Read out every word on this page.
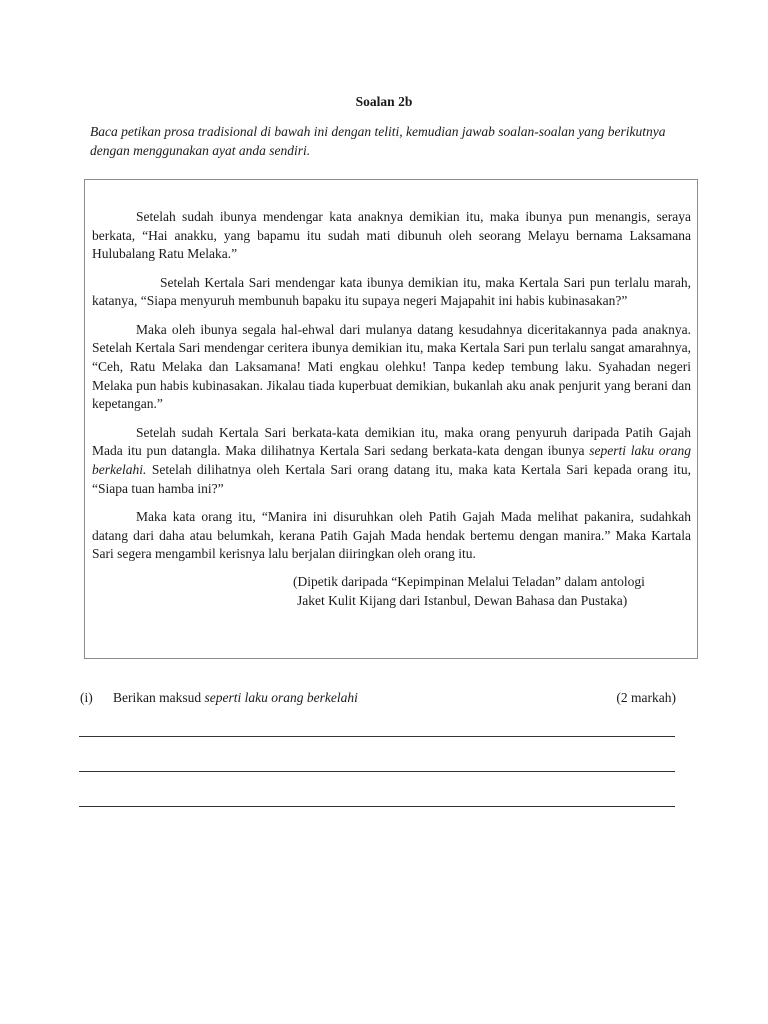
Soalan 2b

Baca petikan prosa tradisional di bawah ini dengan teliti, kemudian jawab soalan-soalan yang berikutnya dengan menggunakan ayat anda sendiri.

Setelah sudah ibunya mendengar kata anaknya demikian itu, maka ibunya pun menangis, seraya berkata, “Hai anakku, yang bapamu itu sudah mati dibunuh oleh seorang Melayu bernama Laksamana Hulubalang Ratu Melaka.”

Setelah Kertala Sari mendengar kata ibunya demikian itu, maka Kertala Sari pun terlalu marah, katanya, “Siapa menyuruh membunuh bapaku itu supaya negeri Majapahit ini habis kubinasakan?”

Maka oleh ibunya segala hal-ehwal dari mulanya datang kesudahnya diceritakannya pada anaknya. Setelah Kertala Sari mendengar ceritera ibunya demikian itu, maka Kertala Sari pun terlalu sangat amarahnya, “Ceh, Ratu Melaka dan Laksamana! Mati engkau olehku! Tanpa kedep tembung laku. Syahadan negeri Melaka pun habis kubinasakan. Jikalau tiada kuperbuat demikian, bukanlah aku anak penjurit yang berani dan kepetangan.”

Setelah sudah Kertala Sari berkata-kata demikian itu, maka orang penyuruh daripada Patih Gajah Mada itu pun datangla. Maka dilihatnya Kertala Sari sedang berkata-kata dengan ibunya seperti laku orang berkelahi. Setelah dilihatnya oleh Kertala Sari orang datang itu, maka kata Kertala Sari kepada orang itu, “Siapa tuan hamba ini?”

Maka kata orang itu, “Manira ini disuruhkan oleh Patih Gajah Mada melihat pakanira, sudahkah datang dari daha atau belumkah, kerana Patih Gajah Mada hendak bertemu dengan manira.” Maka Kartala Sari segera mengambil kerisnya lalu berjalan diiringkan oleh orang itu.

(Dipetik daripada “Kepimpinan Melalui Teladan” dalam antologi
Jaket Kulit Kijang dari Istanbul, Dewan Bahasa dan Pustaka)
(i) Berikan maksud seperti laku orang berkelahi	(2 markah)
